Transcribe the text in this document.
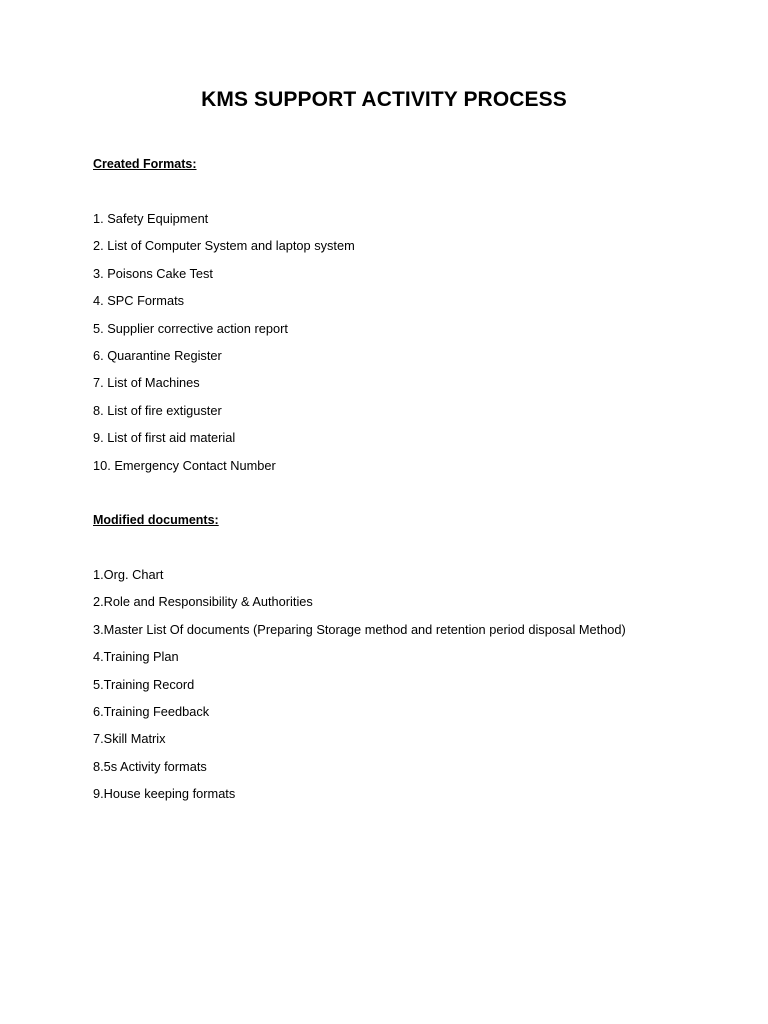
KMS SUPPORT ACTIVITY PROCESS

Created Formats:

1. Safety Equipment
2. List of Computer System and laptop system
3. Poisons Cake Test
4. SPC Formats
5. Supplier corrective action report
6. Quarantine Register
7. List of Machines
8. List of fire extiguster
9. List of first aid material
10. Emergency Contact Number

Modified documents:

1.Org. Chart
2.Role and Responsibility & Authorities
3.Master List Of documents (Preparing Storage method and retention period disposal Method)
4.Training Plan
5.Training Record
6.Training Feedback
7.Skill Matrix
8.5s Activity formats
9.House keeping formats
